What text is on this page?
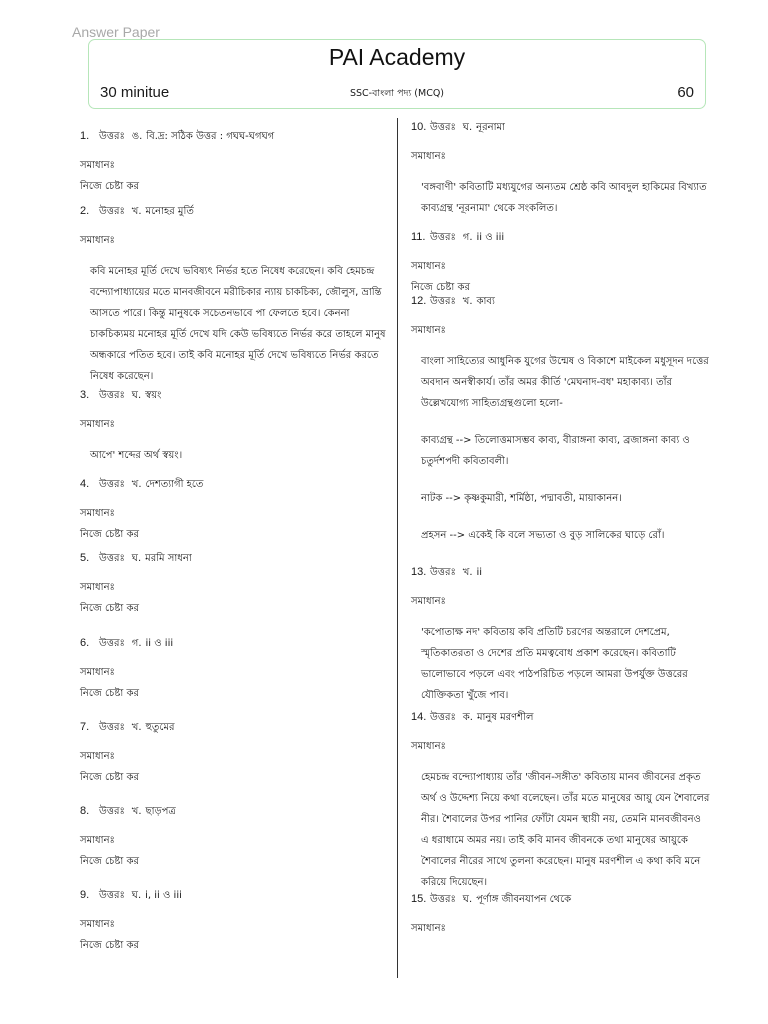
Answer Paper
PAI Academy
30 minitue	SSC-বাংলা পদ্য (MCQ)	60
1. উত্তরঃ ঙ. বি.দ্র: সঠিক উত্তর : গঘঘ-ঘগঘগ
সমাধানঃ
নিজে চেষ্টা কর
2. উত্তরঃ খ. মনোহর মুর্তি
সমাধানঃ
কবি মনোহর মূর্তি দেখে ভবিষ্যৎ নির্ভর হতে নিষেধ করেছেন। কবি হেমচন্দ্র বন্দ্যোপাধ্যায়ের মতে মানবজীবনে মরীচিকার ন্যায় চাকচিক্য, জৌলুস, ভ্রান্তি আসতে পারে। কিন্তু মানুষকে সচেতনভাবে পা ফেলতে হবে। কেননা চাকচিক্যময় মনোহর মূর্তি দেখে যদি কেউ ভবিষ্যতে নির্ভর করে তাহলে মানুষ অন্ধকারে পতিত হবে। তাই কবি মনোহর মূর্তি দেখে ভবিষ্যতে নির্ভর করতে নিষেধ করেছেন।
3. উত্তরঃ ঘ. স্বয়ং
সমাধানঃ
আপে' শব্দের অর্থ স্বয়ং।
4. উত্তরঃ খ. দেশত্যাগী হতে
সমাধানঃ
নিজে চেষ্টা কর
5. উত্তরঃ ঘ. মরমি সাধনা
সমাধানঃ
নিজে চেষ্টা কর
6. উত্তরঃ গ. ii ও iii
সমাধানঃ
নিজে চেষ্টা কর
7. উত্তরঃ খ. হুতুমের
সমাধানঃ
নিজে চেষ্টা কর
8. উত্তরঃ খ. ছাড়পত্র
সমাধানঃ
নিজে চেষ্টা কর
9. উত্তরঃ ঘ. i, ii ও iii
সমাধানঃ
নিজে চেষ্টা কর
10. উত্তরঃ ঘ. নূরনামা
সমাধানঃ
'বঙ্গবাণী' কবিতাটি মধ্যযুগের অন্যতম শ্রেষ্ঠ কবি আবদুল হাকিমের বিখ্যাত কাব্যগ্রন্থ 'নূরনামা' থেকে সংকলিত।
11. উত্তরঃ গ. ii ও iii
সমাধানঃ
নিজে চেষ্টা কর
12. উত্তরঃ খ. কাব্য
সমাধানঃ
বাংলা সাহিত্যের আধুনিক যুগের উন্মেষ ও বিকাশে মাইকেল মধুসূদন দত্তের অবদান অনস্বীকার্য। তাঁর অমর কীর্তি 'মেঘনাদ-বধ' মহাকাব্য। তাঁর উল্লেখযোগ্য সাহিত্যগ্রন্থগুলো হলো-
কাব্যগ্রন্থ --> তিলোত্তমাসম্ভব কাব্য, বীরাঙ্গনা কাব্য, ব্রজাঙ্গনা কাব্য ও চতুর্দশপদী কবিতাবলী।
নাটক --> কৃষ্ণকুমারী, শর্মিষ্ঠা, পদ্মাবতী, মায়াকানন।
প্রহসন --> একেই কি বলে সভ্যতা ও বুড় সালিকের ঘাড়ে রোঁ।
13. উত্তরঃ খ. ii
সমাধানঃ
'কপোতাক্ষ নদ' কবিতায় কবি প্রতিটি চরণের অন্তরালে দেশপ্রেম, স্মৃতিকাতরতা ও দেশের প্রতি মমত্ববোধ প্রকাশ করেছেন। কবিতাটি ভালোভাবে পড়লে এবং পাঠপরিচিত পড়লে আমরা উপর্যুক্ত উত্তরের যৌক্তিকতা খুঁজে পাব।
14. উত্তরঃ ক. মানুষ মরণশীল
সমাধানঃ
হেমচন্দ্র বন্দ্যোপাধ্যায় তাঁর 'জীবন-সঙ্গীত' কবিতায় মানব জীবনের প্রকৃত অর্থ ও উদ্দেশ্য নিয়ে কথা বলেছেন। তাঁর মতে মানুষের আয়ু যেন শৈবালের নীর। শৈবালের উপর পানির ফোঁটা যেমন স্থায়ী নয়, তেমনি মানবজীবনও এ ধরাধামে অমর নয়। তাই কবি মানব জীবনকে তথা মানুষের আয়ুকে শৈবালের নীরের সাথে তুলনা করেছেন। মানুষ মরণশীল এ কথা কবি মনে করিয়ে দিয়েছেন।
15. উত্তরঃ ঘ. পূর্ণাঙ্গ জীবনযাপন থেকে
সমাধানঃ
